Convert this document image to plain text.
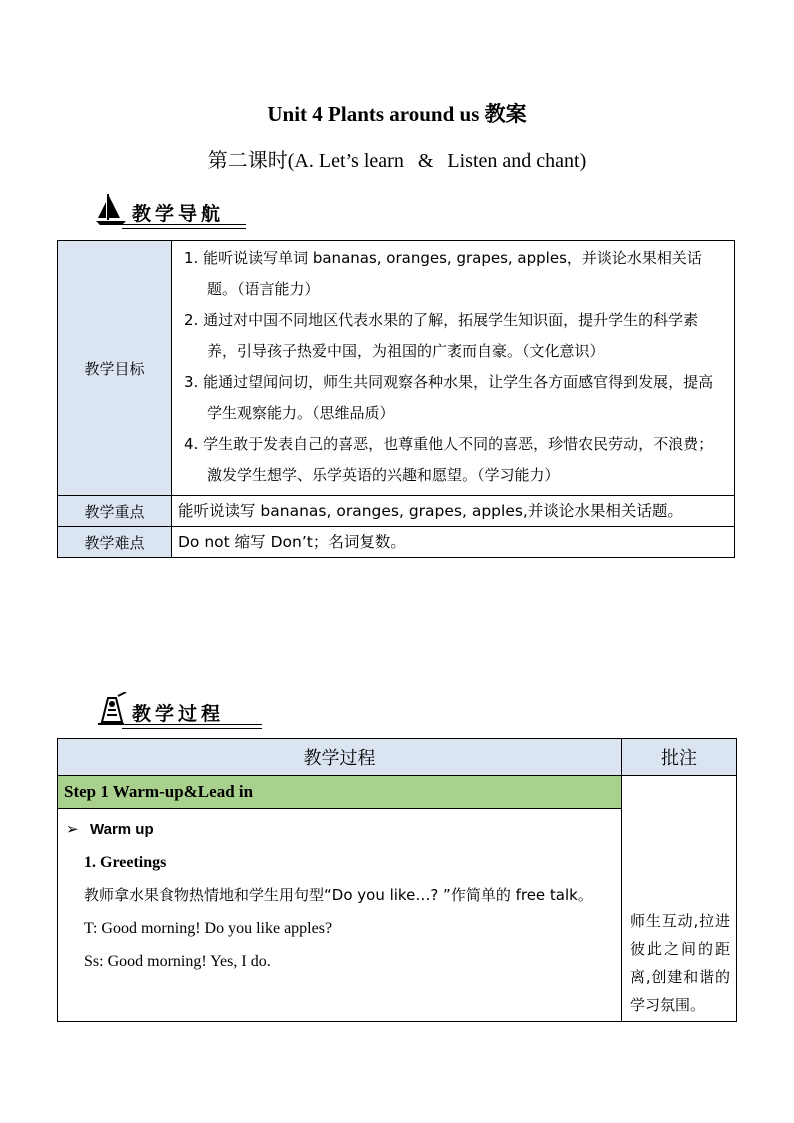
Unit 4 Plants around us 教案
第二课时(A. Let’s learn & Listen and chant)
教学导航
教学目标	1. 能听说读写单词 bananas, oranges, grapes, apples，并谈论水果相关话题。（语言能力）
2. 通过对中国不同地区代表水果的了解，拓展学生知识面，提升学生的科学素养，引导孩子热爱中国，为祖国的广袤而自豪。（文化意识）
3. 能通过望闻问切，师生共同观察各种水果，让学生各方面感官得到发展，提高学生观察能力。（思维品质）
4. 学生敢于发表自己的喜恶，也尊重他人不同的喜恶，珍惜农民劳动，不浪费；激发学生想学、乐学英语的兴趣和愿望。（学习能力）

教学重点	能听说读写 bananas, oranges, grapes, apples,并谈论水果相关话题。
教学难点	Do not 缩写 Don’t；名词复数。
教学过程
教学过程	批注
Step 1 Warm-up&Lead in	师生互动,拉进彼此之间的距离,创建和谐的学习氛围。

➢ Warm up
1. Greetings
教师拿水果食物热情地和学生用句型“Do you like…? ”作简单的 free talk。
T: Good morning! Do you like apples?
Ss: Good morning! Yes, I do.	
